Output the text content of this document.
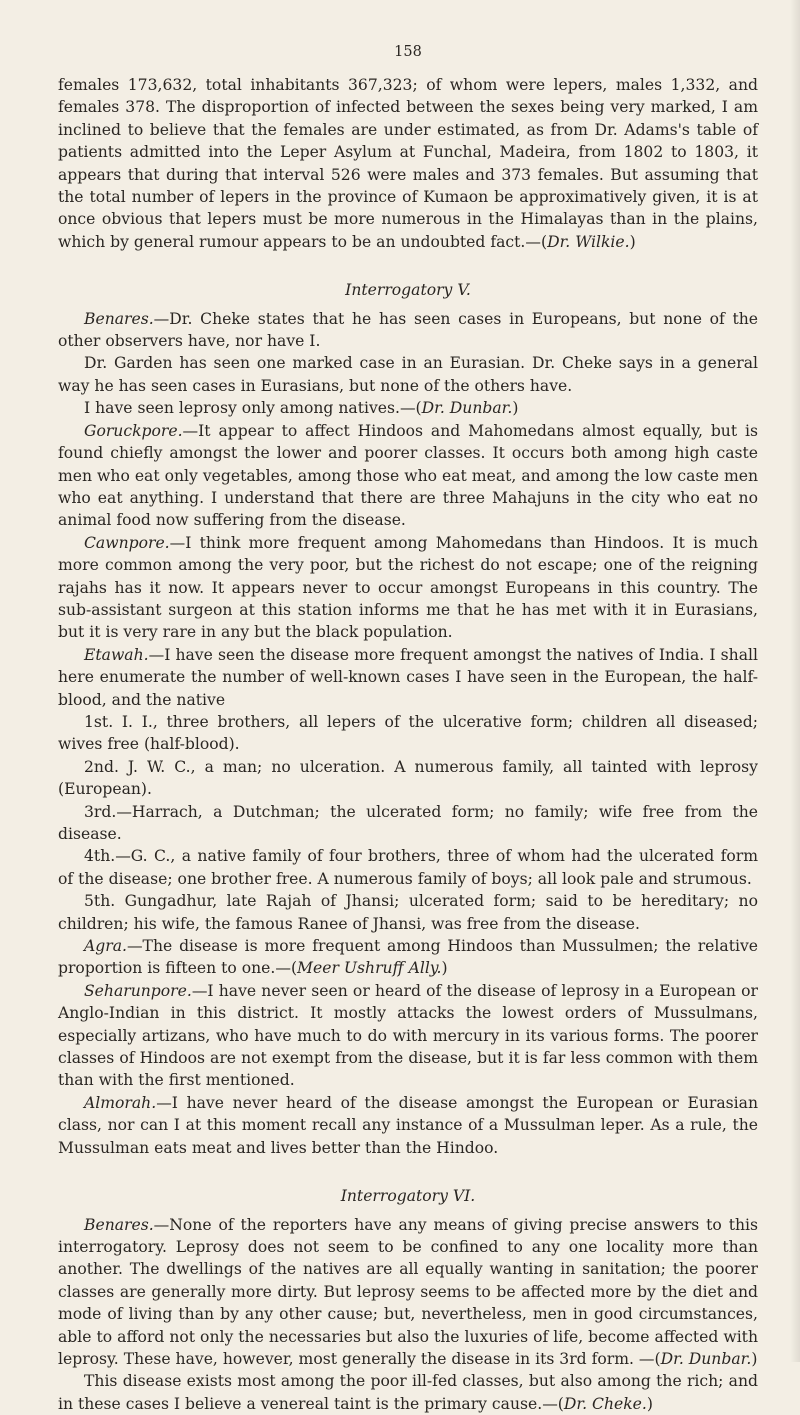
158

females 173,632, total inhabitants 367,323; of whom were lepers, males 1,332, and females 378. The disproportion of infected between the sexes being very marked, I am inclined to believe that the females are under estimated, as from Dr. Adams's table of patients admitted into the Leper Asylum at Funchal, Madeira, from 1802 to 1803, it appears that during that interval 526 were males and 373 females. But assuming that the total number of lepers in the province of Kumaon be approximatively given, it is at once obvious that lepers must be more numerous in the Himalayas than in the plains, which by general rumour appears to be an undoubted fact.—(Dr. Wilkie.)

Interrogatory V.

Benares.—Dr. Cheke states that he has seen cases in Europeans, but none of the other observers have, nor have I.

Dr. Garden has seen one marked case in an Eurasian. Dr. Cheke says in a general way he has seen cases in Eurasians, but none of the others have.

I have seen leprosy only among natives.—(Dr. Dunbar.)

Goruckpore.—It appear to affect Hindoos and Mahomedans almost equally, but is found chiefly amongst the lower and poorer classes. It occurs both among high caste men who eat only vegetables, among those who eat meat, and among the low caste men who eat anything. I understand that there are three Mahajuns in the city who eat no animal food now suffering from the disease.

Cawnpore.—I think more frequent among Mahomedans than Hindoos. It is much more common among the very poor, but the richest do not escape; one of the reigning rajahs has it now. It appears never to occur amongst Europeans in this country. The sub-assistant surgeon at this station informs me that he has met with it in Eurasians, but it is very rare in any but the black population.

Etawah.—I have seen the disease more frequent amongst the natives of India. I shall here enumerate the number of well-known cases I have seen in the European, the half-blood, and the native

1st. I. I., three brothers, all lepers of the ulcerative form; children all diseased; wives free (half-blood).

2nd. J. W. C., a man; no ulceration. A numerous family, all tainted with leprosy (European).

3rd.—Harrach, a Dutchman; the ulcerated form; no family; wife free from the disease.

4th.—G. C., a native family of four brothers, three of whom had the ulcerated form of the disease; one brother free. A numerous family of boys; all look pale and strumous.

5th. Gungadhur, late Rajah of Jhansi; ulcerated form; said to be hereditary; no children; his wife, the famous Ranee of Jhansi, was free from the disease.

Agra.—The disease is more frequent among Hindoos than Mussulmen; the relative proportion is fifteen to one.—(Meer Ushruff Ally.)

Seharunpore.—I have never seen or heard of the disease of leprosy in a European or Anglo-Indian in this district. It mostly attacks the lowest orders of Mussulmans, especially artizans, who have much to do with mercury in its various forms. The poorer classes of Hindoos are not exempt from the disease, but it is far less common with them than with the first mentioned.

Almorah.—I have never heard of the disease amongst the European or Eurasian class, nor can I at this moment recall any instance of a Mussulman leper. As a rule, the Mussulman eats meat and lives better than the Hindoo.

Interrogatory VI.

Benares.—None of the reporters have any means of giving precise answers to this interrogatory. Leprosy does not seem to be confined to any one locality more than another. The dwellings of the natives are all equally wanting in sanitation; the poorer classes are generally more dirty. But leprosy seems to be affected more by the diet and mode of living than by any other cause; but, nevertheless, men in good circumstances, able to afford not only the necessaries but also the luxuries of life, become affected with leprosy. These have, however, most generally the disease in its 3rd form. —(Dr. Dunbar.)

This disease exists most among the poor ill-fed classes, but also among the rich; and in these cases I believe a venereal taint is the primary cause.—(Dr. Cheke.)
